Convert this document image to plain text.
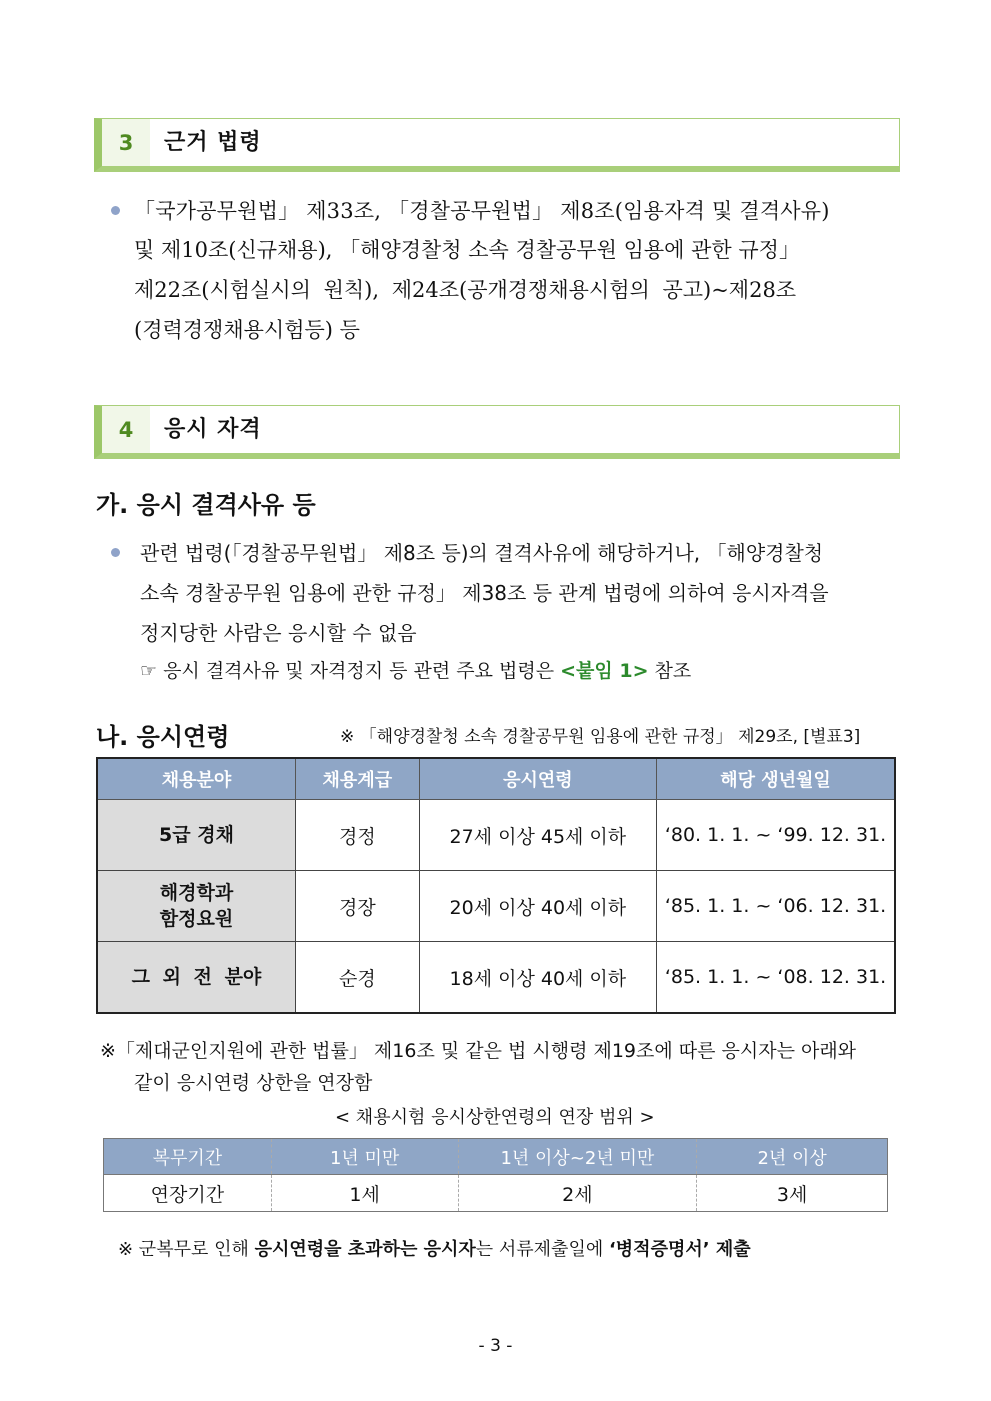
3	근거 법령
「국가공무원법」 제33조, 「경찰공무원법」 제8조(임용자격 및 결격사유)
및 제10조(신규채용), 「해양경찰청 소속 경찰공무원 임용에 관한 규정」
제22조(시험실시의 원칙), 제24조(공개경쟁채용시험의 공고)~제28조
(경력경쟁채용시험등) 등
4	응시 자격
가. 응시 결격사유 등
관련 법령(「경찰공무원법」 제8조 등)의 결격사유에 해당하거나, 「해양경찰청
소속 경찰공무원 임용에 관한 규정」 제38조 등 관계 법령에 의하여 응시자격을
정지당한 사람은 응시할 수 없음
☞ 응시 결격사유 및 자격정지 등 관련 주요 법령은 <붙임 1> 참조
나. 응시연령	※ 「해양경찰청 소속 경찰공무원 임용에 관한 규정」 제29조, [별표3]
채용분야	채용계급	응시연령	해당 생년월일
5급 경채	경정	27세 이상 45세 이하	‘80. 1. 1. ~ ‘99. 12. 31.
해경학과
함정요원	경장	20세 이상 40세 이하	‘85. 1. 1. ~ ‘06. 12. 31.
그 외 전 분야	순경	18세 이상 40세 이하	‘85. 1. 1. ~ ‘08. 12. 31.
※「제대군인지원에 관한 법률」 제16조 및 같은 법 시행령 제19조에 따른 응시자는 아래와
같이 응시연령 상한을 연장함
< 채용시험 응시상한연령의 연장 범위 >
복무기간	1년 미만	1년 이상~2년 미만	2년 이상
연장기간	1세	2세	3세
※ 군복무로 인해 응시연령을 초과하는 응시자는 서류제출일에 ‘병적증명서’ 제출
- 3 -
